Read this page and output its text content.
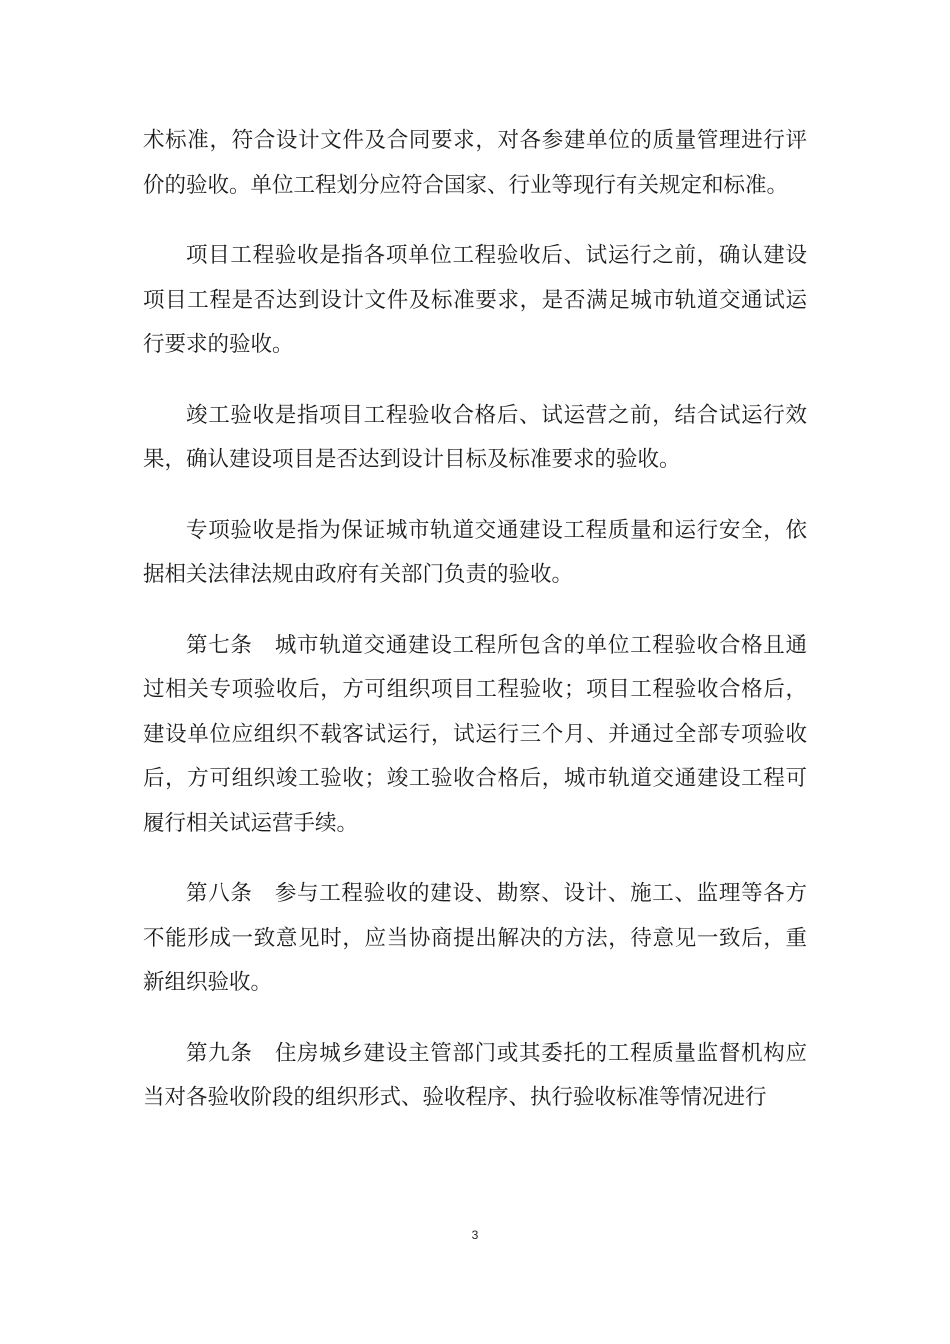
术标准，符合设计文件及合同要求，对各参建单位的质量管理进行评价的验收。单位工程划分应符合国家、行业等现行有关规定和标准。

项目工程验收是指各项单位工程验收后、试运行之前，确认建设项目工程是否达到设计文件及标准要求，是否满足城市轨道交通试运行要求的验收。

竣工验收是指项目工程验收合格后、试运营之前，结合试运行效果，确认建设项目是否达到设计目标及标准要求的验收。

专项验收是指为保证城市轨道交通建设工程质量和运行安全，依据相关法律法规由政府有关部门负责的验收。

第七条　城市轨道交通建设工程所包含的单位工程验收合格且通过相关专项验收后，方可组织项目工程验收；项目工程验收合格后，建设单位应组织不载客试运行，试运行三个月、并通过全部专项验收后，方可组织竣工验收；竣工验收合格后，城市轨道交通建设工程可履行相关试运营手续。

第八条　参与工程验收的建设、勘察、设计、施工、监理等各方不能形成一致意见时，应当协商提出解决的方法，待意见一致后，重新组织验收。

第九条　住房城乡建设主管部门或其委托的工程质量监督机构应当对各验收阶段的组织形式、验收程序、执行验收标准等情况进行

3
